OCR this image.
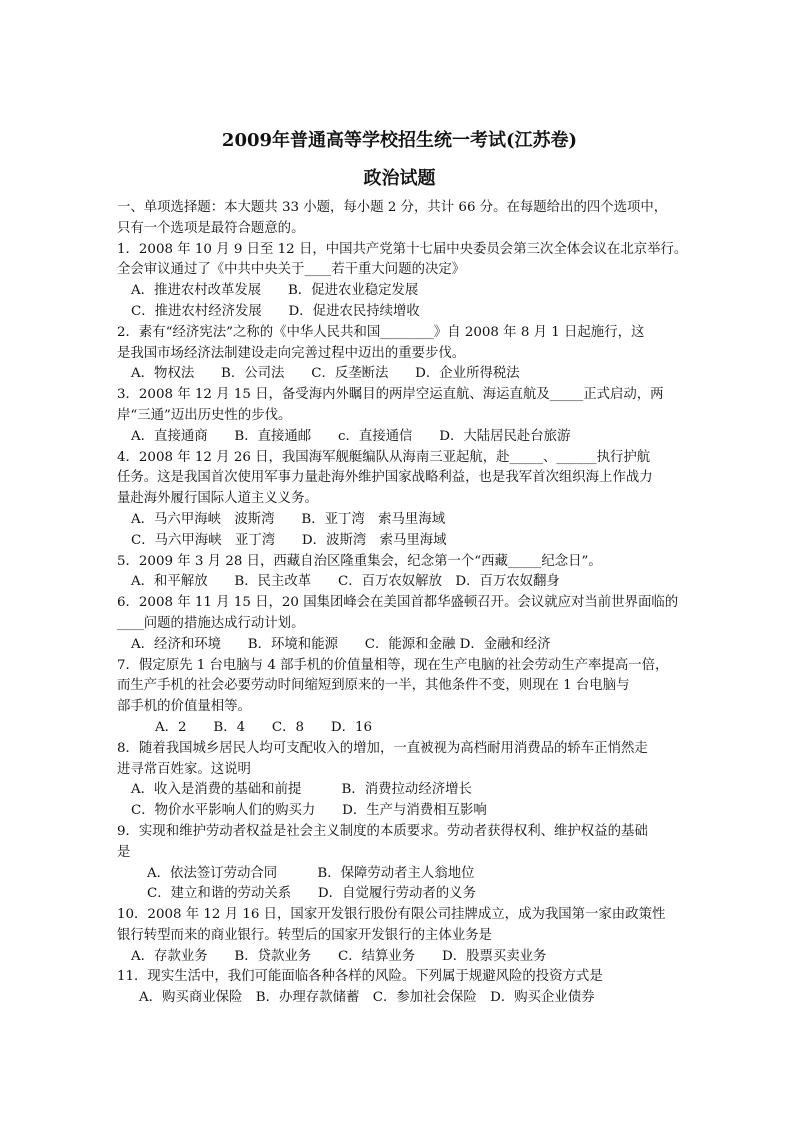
2009年普通高等学校招生统一考试(江苏卷)
政治试题
一、单项选择题：本大题共 33 小题，每小题 2 分，共计 66 分。在每题给出的四个选项中，
只有一个选项是最符合题意的。
1．2008 年 10 月 9 日至 12 日，中国共产党第十七届中央委员会第三次全体会议在北京举行。
全会审议通过了《中共中央关于____若干重大问题的决定》
A．推进农村改革发展　　B．促进农业稳定发展
C．推进农村经济发展　　D．促进农民持续增收
2．素有“经济宪法”之称的《中华人民共和国________》自 2008 年 8 月 1 日起施行，这
是我国市场经济法制建设走向完善过程中迈出的重要步伐。
A．物权法　　B．公司法　　C．反垄断法　　D．企业所得税法
3．2008 年 12 月 15 日，备受海内外瞩目的两岸空运直航、海运直航及_____正式启动，两
岸“三通”迈出历史性的步伐。
A．直接通商　　B．直接通邮　　c．直接通信　　D．大陆居民赴台旅游
4．2008 年 12 月 26 日，我国海军舰艇编队从海南三亚起航，赴_____、______执行护航
任务。这是我国首次使用军事力量赴海外维护国家战略利益，也是我军首次组织海上作战力
量赴海外履行国际人道主义义务。
A．马六甲海峡　波斯湾　　B．亚丁湾　索马里海域
C．马六甲海峡　亚丁湾　　D．波斯湾　索马里海域
5．2009 年 3 月 28 日，西藏自治区隆重集会，纪念第一个“西藏_____纪念日”。
A．和平解放　　B．民主改革　　C．百万农奴解放　D．百万农奴翻身
6．2008 年 11 月 15 日，20 国集团峰会在美国首都华盛顿召开。会议就应对当前世界面临的
____问题的措施达成行动计划。
A．经济和环境　　B．环境和能源　　C．能源和金融 D．金融和经济
7．假定原先 1 台电脑与 4 部手机的价值量相等，现在生产电脑的社会劳动生产率提高一倍，
而生产手机的社会必要劳动时间缩短到原来的一半，其他条件不变，则现在 1 台电脑与
部手机的价值量相等。
A．2　　B．4　　C．8　　D．16
8．随着我国城乡居民人均可支配收入的增加，一直被视为高档耐用消费品的轿车正悄然走
进寻常百姓家。这说明
A．收入是消费的基础和前提　　　B．消费拉动经济增长
C．物价水平影响人们的购买力　　D．生产与消费相互影响
9．实现和维护劳动者权益是社会主义制度的本质要求。劳动者获得权利、维护权益的基础
是
A．依法签订劳动合同　　　B．保障劳动者主人翁地位
C．建立和谐的劳动关系　　D．自觉履行劳动者的义务
10．2008 年 12 月 16 日，国家开发银行股份有限公司挂牌成立，成为我国第一家由政策性
银行转型而来的商业银行。转型后的国家开发银行的主体业务是
A．存款业务　　B．贷款业务　　C．结算业务　　D．股票买卖业务
11．现实生活中，我们可能面临各种各样的风险。下列属于规避风险的投资方式是
A．购买商业保险　B．办理存款储蓄　C．参加社会保险　D．购买企业债券
